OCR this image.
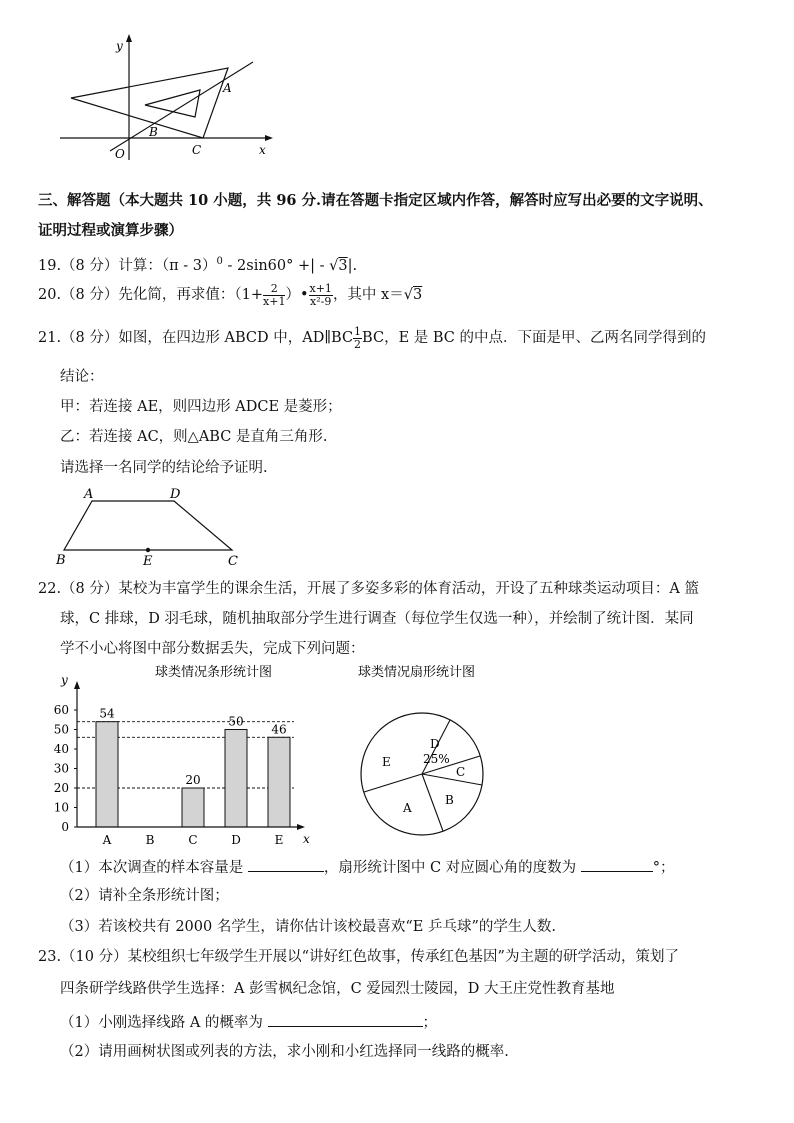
y
x
O
A
B
C
三、解答题（本大题共 10 小题，共 96 分.请在答题卡指定区域内作答，解答时应写出必要的文字说明、
证明过程或演算步骤）
19.（8 分）计算：（π - 3）$^0$ - 2sin60° +| - √3|.
20.（8 分）先化简，再求值：（$1+ \frac{2}{x+1}$ ）• $\frac{x+1}{\text{x²-9}}$ ，其中 x＝√3
21.（8 分）如图，在四边形 ABCD 中，AD∥BC $\frac{1}{2}$ BC，E 是 BC 的中点．下面是甲、乙两名同学得到的
结论：
甲：若连接 AE，则四边形 ADCE 是菱形；
乙：若连接 AC，则△ABC 是直角三角形.
请选择一名同学的结论给予证明.
A	D
B	E	C
22.（8 分）某校为丰富学生的课余生活，开展了多姿多彩的体育活动，开设了五种球类运动项目：A 篮
球，C 排球，D 羽毛球，随机抽取部分学生进行调查（每位学生仅选一种），并绘制了统计图．某同
学不小心将图中部分数据丢失，完成下列问题：
球类情况条形统计图
54
A	B
20
C
50
D
46
E
0
10
20
30
40
50
60
y
x
球类情况扇形统计图
D
25%
C
B
A
E
（1）本次调查的样本容量是	，扇形统计图中 C 对应圆心角的度数为	°；
（2）请补全条形统计图；
（3）若该校共有 2000 名学生，请你估计该校最喜欢“E 乒乓球”的学生人数.
23.（10 分）某校组织七年级学生开展以“讲好红色故事，传承红色基因”为主题的研学活动，策划了
四条研学线路供学生选择：A 彭雪枫纪念馆，C 爱园烈士陵园，D 大王庄党性教育基地
（1）小刚选择线路 A 的概率为	；
（2）请用画树状图或列表的方法，求小刚和小红选择同一线路的概率.
